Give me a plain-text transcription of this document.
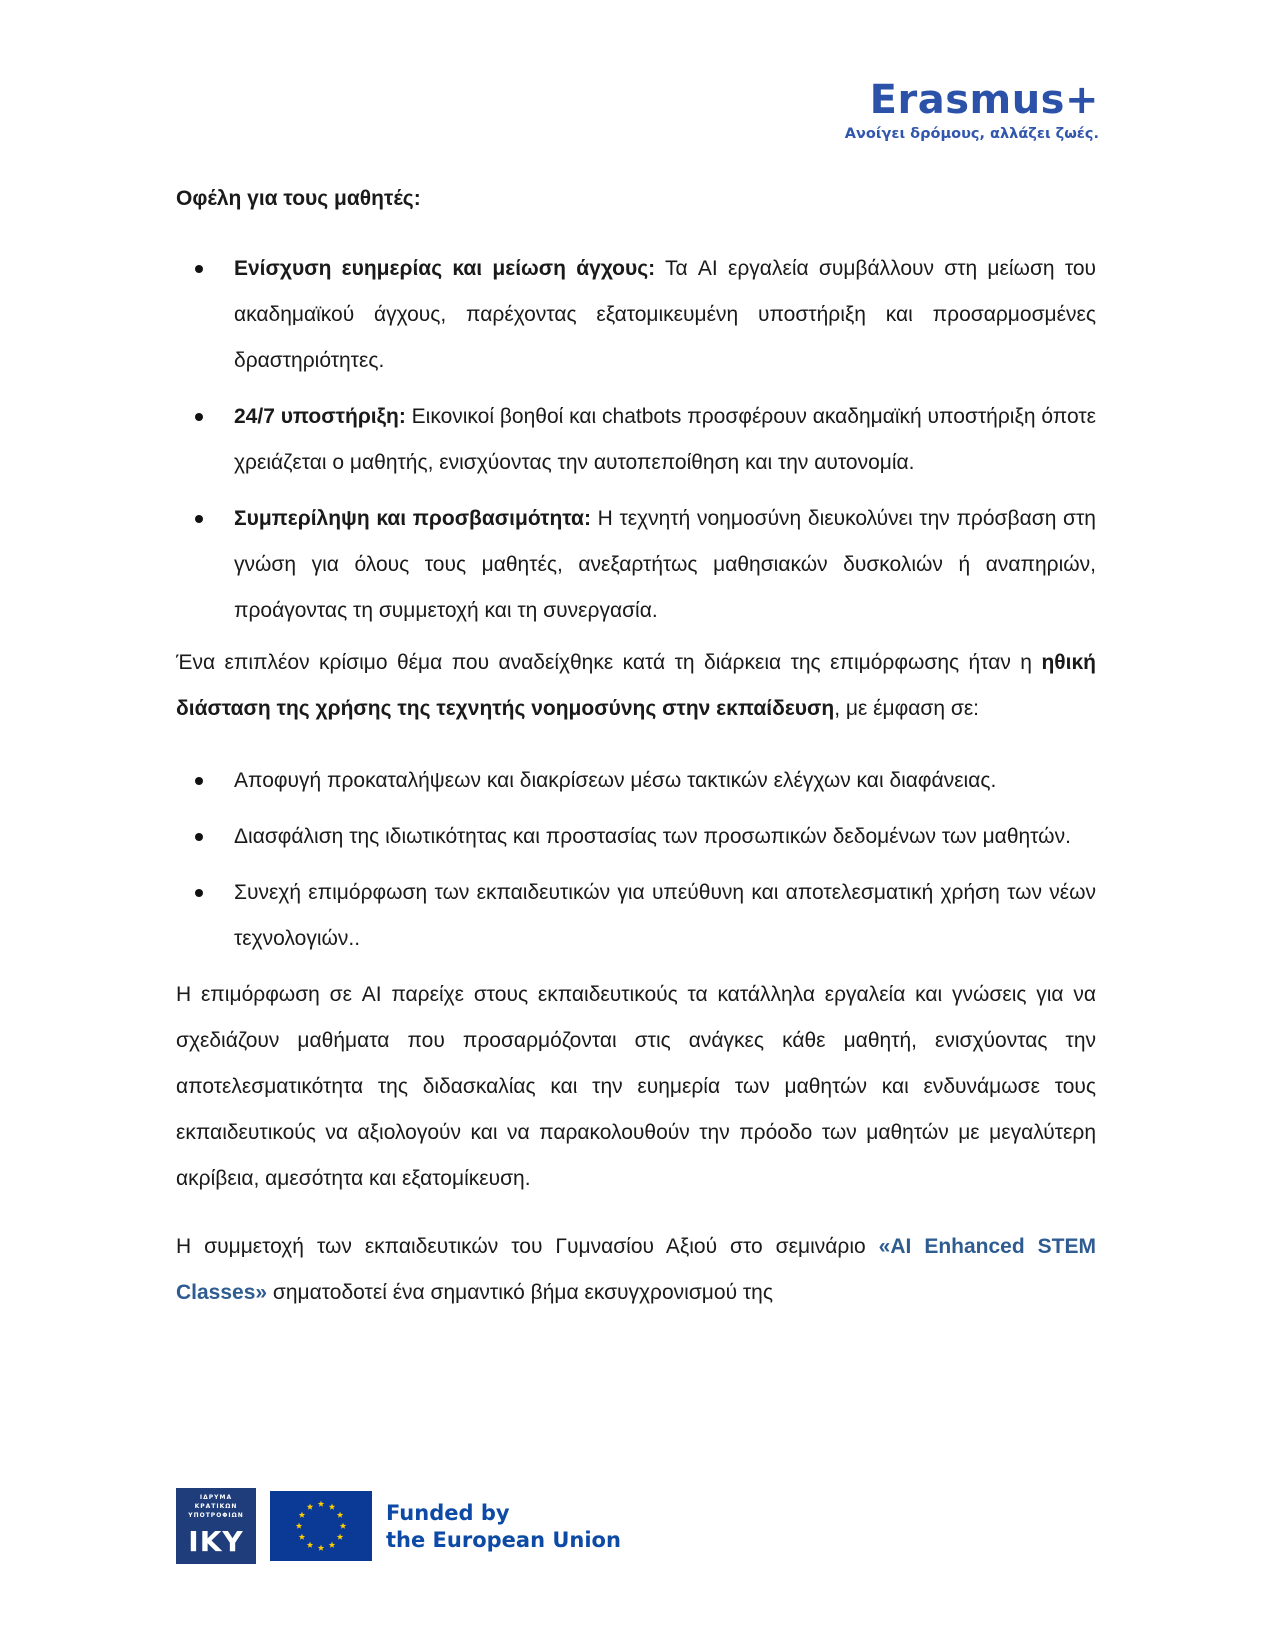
Erasmus+
Ανοίγει δρόμους, αλλάζει ζωές.

Οφέλη για τους μαθητές:

Ενίσχυση ευημερίας και μείωση άγχους: Τα AI εργαλεία συμβάλλουν στη μείωση του ακαδημαϊκού άγχους, παρέχοντας εξατομικευμένη υποστήριξη και προσαρμοσμένες δραστηριότητες.
24/7 υποστήριξη: Εικονικοί βοηθοί και chatbots προσφέρουν ακαδημαϊκή υποστήριξη όποτε χρειάζεται ο μαθητής, ενισχύοντας την αυτοπεποίθηση και την αυτονομία.
Συμπερίληψη και προσβασιμότητα: Η τεχνητή νοημοσύνη διευκολύνει την πρόσβαση στη γνώση για όλους τους μαθητές, ανεξαρτήτως μαθησιακών δυσκολιών ή αναπηριών, προάγοντας τη συμμετοχή και τη συνεργασία.

Ένα επιπλέον κρίσιμο θέμα που αναδείχθηκε κατά τη διάρκεια της επιμόρφωσης ήταν η ηθική διάσταση της χρήσης της τεχνητής νοημοσύνης στην εκπαίδευση, με έμφαση σε:

Αποφυγή προκαταλήψεων και διακρίσεων μέσω τακτικών ελέγχων και διαφάνειας.
Διασφάλιση της ιδιωτικότητας και προστασίας των προσωπικών δεδομένων των μαθητών.
Συνεχή επιμόρφωση των εκπαιδευτικών για υπεύθυνη και αποτελεσματική χρήση των νέων τεχνολογιών..

Η επιμόρφωση σε AI παρείχε στους εκπαιδευτικούς τα κατάλληλα εργαλεία και γνώσεις για να σχεδιάζουν μαθήματα που προσαρμόζονται στις ανάγκες κάθε μαθητή, ενισχύοντας την αποτελεσματικότητα της διδασκαλίας και την ευημερία των μαθητών και ενδυνάμωσε τους εκπαιδευτικούς να αξιολογούν και να παρακολουθούν την πρόοδο των μαθητών με μεγαλύτερη ακρίβεια, αμεσότητα και εξατομίκευση.

Η συμμετοχή των εκπαιδευτικών του Γυμνασίου Αξιού στο σεμινάριο «AI Enhanced STEM Classes» σηματοδοτεί ένα σημαντικό βήμα εκσυγχρονισμού της

ΙΔΡΥΜΑ
ΚΡΑΤΙΚΩΝ
ΥΠΟΤΡΟΦΙΩΝ
IKY
Funded by
the European Union
